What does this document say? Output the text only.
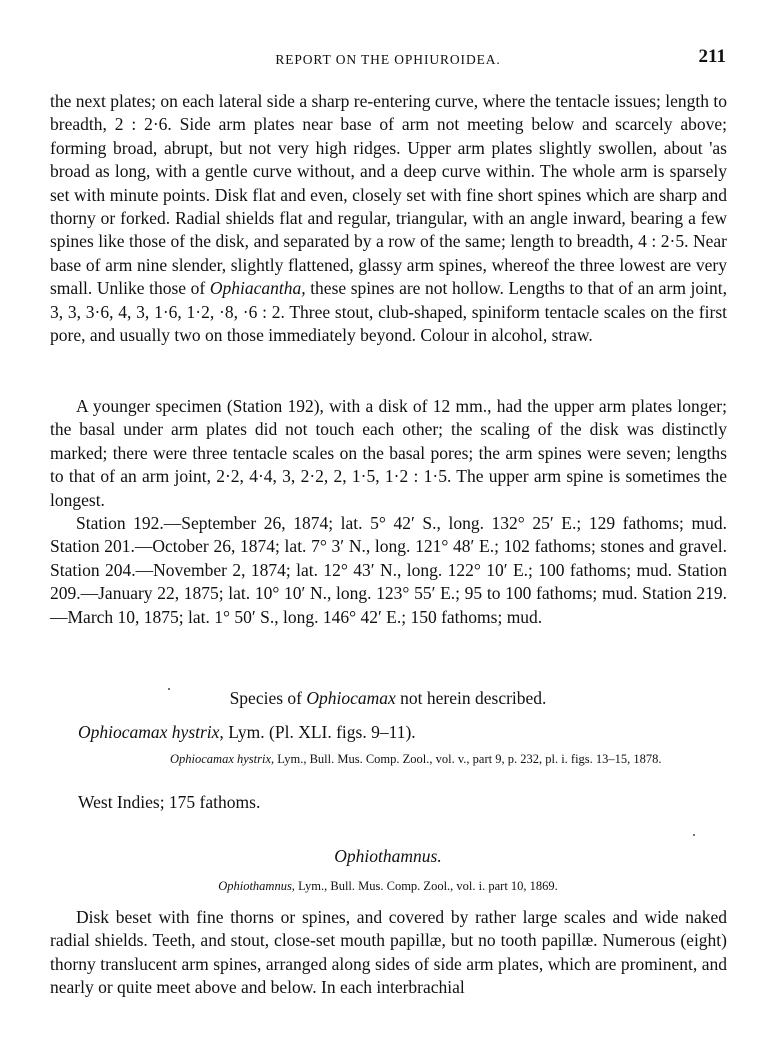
REPORT ON THE OPHIUROIDEA.	211

the next plates; on each lateral side a sharp re-entering curve, where the tentacle issues; length to breadth, 2 : 2·6. Side arm plates near base of arm not meeting below and scarcely above; forming broad, abrupt, but not very high ridges. Upper arm plates slightly swollen, about 'as broad as long, with a gentle curve without, and a deep curve within. The whole arm is sparsely set with minute points. Disk flat and even, closely set with fine short spines which are sharp and thorny or forked. Radial shields flat and regular, triangular, with an angle inward, bearing a few spines like those of the disk, and separated by a row of the same; length to breadth, 4 : 2·5. Near base of arm nine slender, slightly flattened, glassy arm spines, whereof the three lowest are very small. Unlike those of Ophiacantha, these spines are not hollow. Lengths to that of an arm joint, 3, 3, 3·6, 4, 3, 1·6, 1·2, ·8, ·6 : 2. Three stout, club-shaped, spiniform tentacle scales on the first pore, and usually two on those immediately beyond. Colour in alcohol, straw.

A younger specimen (Station 192), with a disk of 12 mm., had the upper arm plates longer; the basal under arm plates did not touch each other; the scaling of the disk was distinctly marked; there were three tentacle scales on the basal pores; the arm spines were seven; lengths to that of an arm joint, 2·2, 4·4, 3, 2·2, 2, 1·5, 1·2 : 1·5. The upper arm spine is sometimes the longest.

Station 192.—September 26, 1874; lat. 5° 42′ S., long. 132° 25′ E.; 129 fathoms; mud. Station 201.—October 26, 1874; lat. 7° 3′ N., long. 121° 48′ E.; 102 fathoms; stones and gravel. Station 204.—November 2, 1874; lat. 12° 43′ N., long. 122° 10′ E.; 100 fathoms; mud. Station 209.—January 22, 1875; lat. 10° 10′ N., long. 123° 55′ E.; 95 to 100 fathoms; mud. Station 219.—March 10, 1875; lat. 1° 50′ S., long. 146° 42′ E.; 150 fathoms; mud.

Species of Ophiocamax not herein described.
Ophiocamax hystrix, Lym. (Pl. XLI. figs. 9–11).
Ophiocamax hystrix, Lym., Bull. Mus. Comp. Zool., vol. v., part 9, p. 232, pl. i. figs. 13–15, 1878.
West Indies; 175 fathoms.
Ophiothamnus.
Ophiothamnus, Lym., Bull. Mus. Comp. Zool., vol. i. part 10, 1869.

Disk beset with fine thorns or spines, and covered by rather large scales and wide naked radial shields. Teeth, and stout, close-set mouth papillæ, but no tooth papillæ. Numerous (eight) thorny translucent arm spines, arranged along sides of side arm plates, which are prominent, and nearly or quite meet above and below. In each interbrachial
